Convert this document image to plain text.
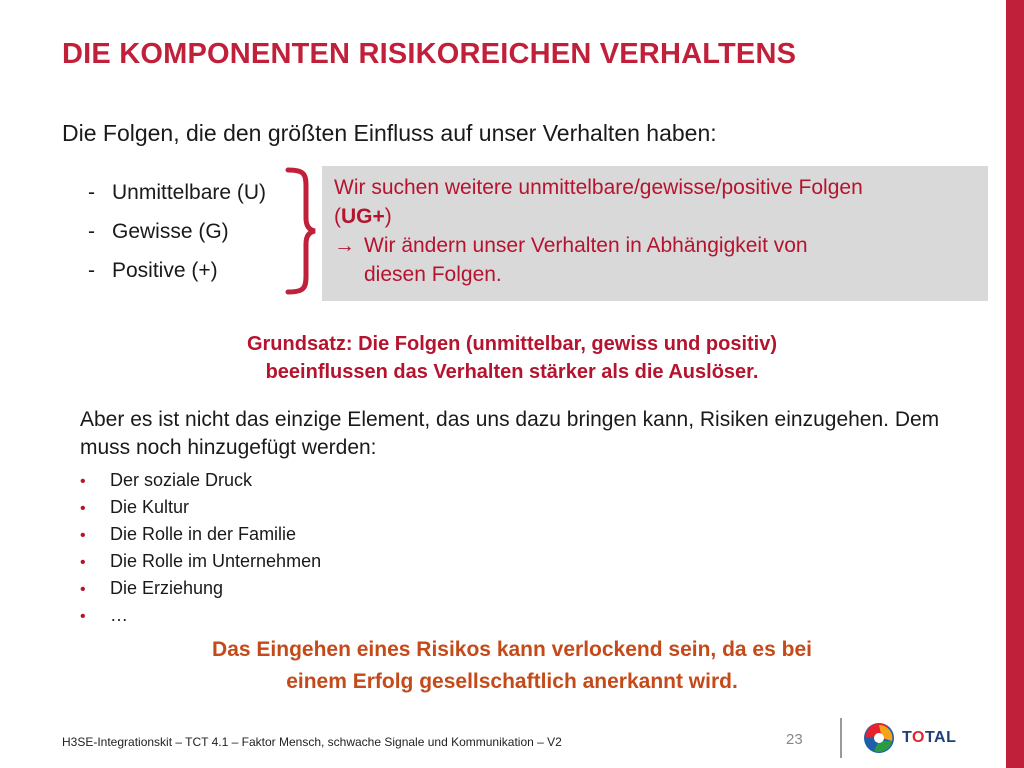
DIE KOMPONENTEN RISIKOREICHEN VERHALTENS
Die Folgen, die den größten Einfluss auf unser Verhalten haben:
- Unmittelbare (U)
- Gewisse (G)
- Positive (+)
Wir suchen weitere unmittelbare/gewisse/positive Folgen
(UG+)
→ Wir ändern unser Verhalten in Abhängigkeit von
diesen Folgen.
Grundsatz: Die Folgen (unmittelbar, gewiss und positiv)
beeinflussen das Verhalten stärker als die Auslöser.
Aber es ist nicht das einzige Element, das uns dazu bringen kann, Risiken einzugehen. Dem muss noch hinzugefügt werden:
• Der soziale Druck
• Die Kultur
• Die Rolle in der Familie
• Die Rolle im Unternehmen
• Die Erziehung
• …
Das Eingehen eines Risikos kann verlockend sein, da es bei
einem Erfolg gesellschaftlich anerkannt wird.
H3SE-Integrationskit – TCT 4.1 – Faktor Mensch, schwache Signale und Kommunikation – V2	23	TOTAL
